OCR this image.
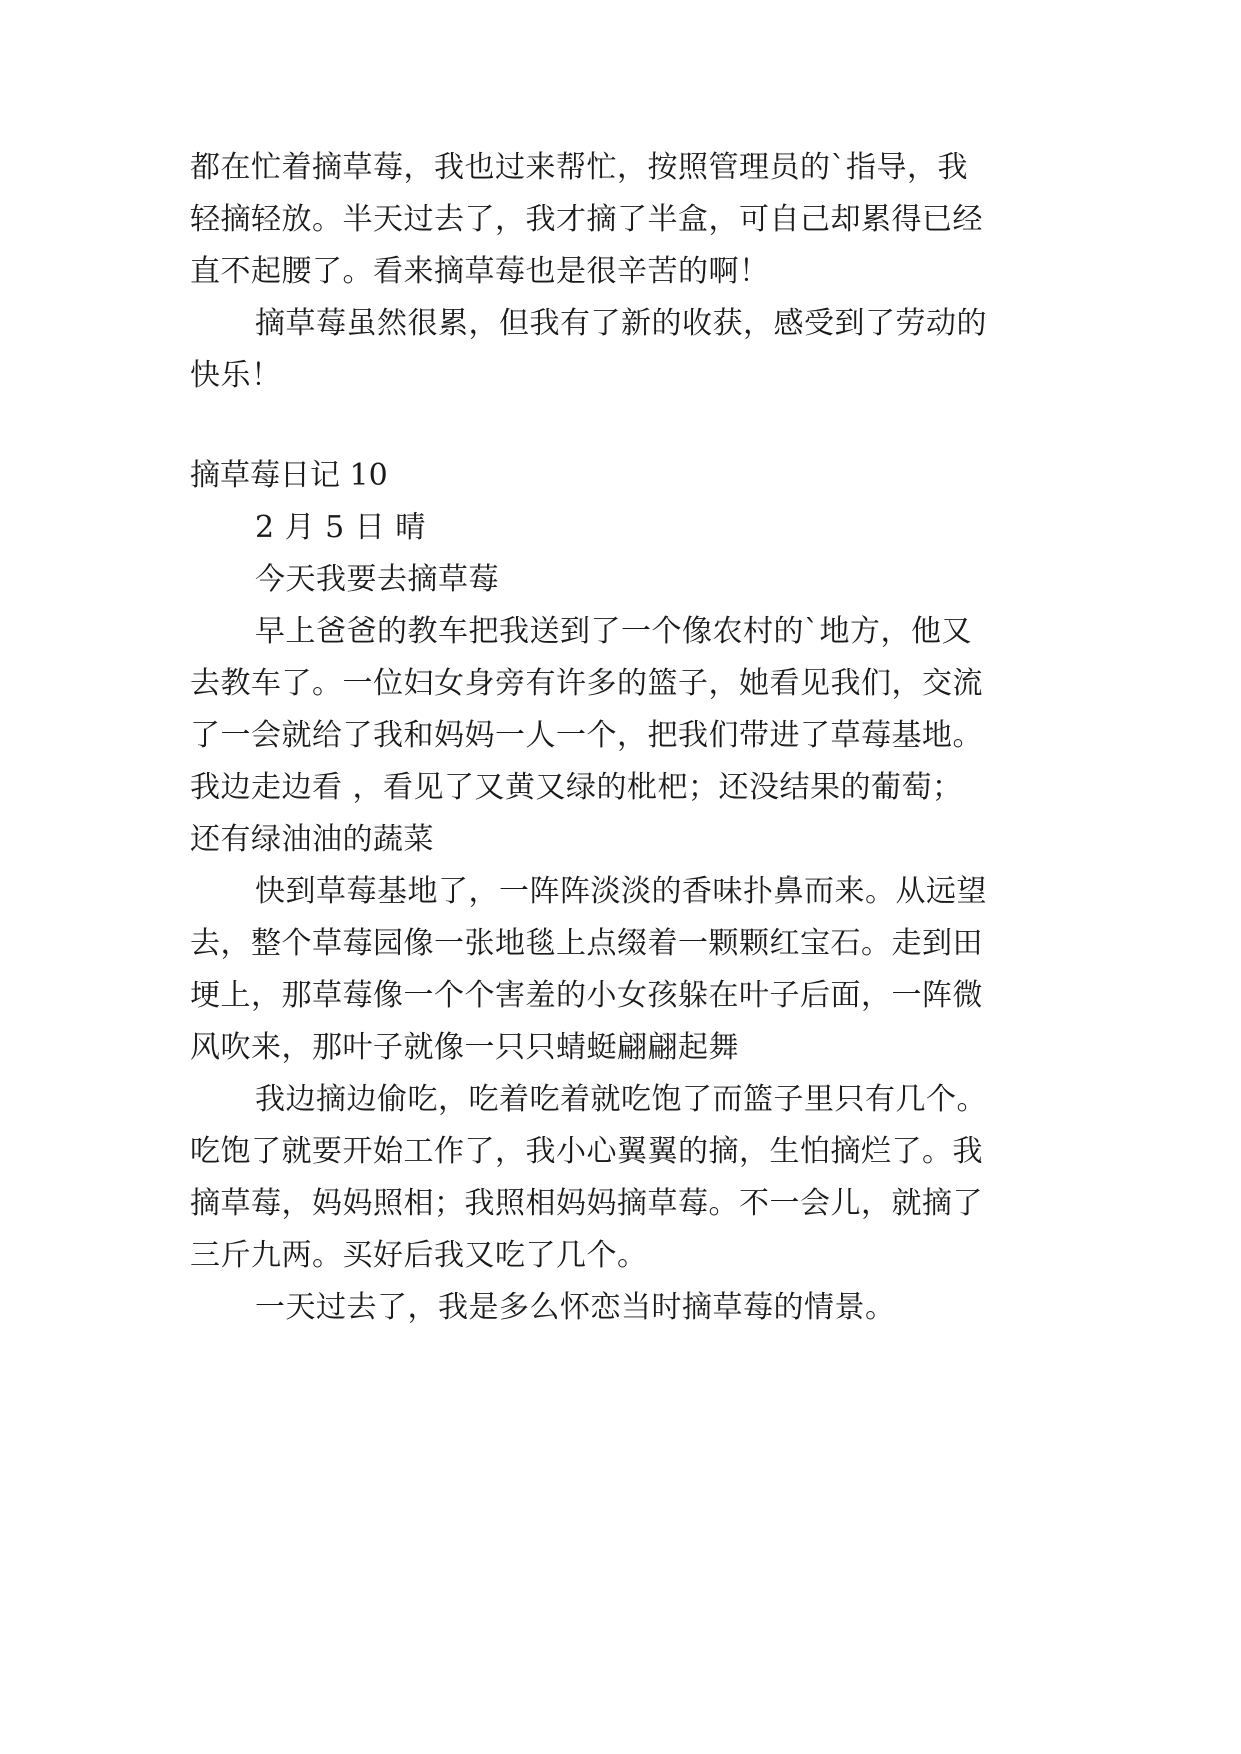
都在忙着摘草莓，我也过来帮忙，按照管理员的`指导，我
轻摘轻放。半天过去了，我才摘了半盒，可自己却累得已经
直不起腰了。看来摘草莓也是很辛苦的啊！
摘草莓虽然很累，但我有了新的收获，感受到了劳动的
快乐！
摘草莓日记 10
2 月 5 日 晴
今天我要去摘草莓
早上爸爸的教车把我送到了一个像农村的`地方，他又
去教车了。一位妇女身旁有许多的篮子，她看见我们，交流
了一会就给了我和妈妈一人一个，把我们带进了草莓基地。
我边走边看 ，看见了又黄又绿的枇杷；还没结果的葡萄；
还有绿油油的蔬菜
快到草莓基地了，一阵阵淡淡的香味扑鼻而来。从远望
去，整个草莓园像一张地毯上点缀着一颗颗红宝石。走到田
埂上，那草莓像一个个害羞的小女孩躲在叶子后面，一阵微
风吹来，那叶子就像一只只蜻蜓翩翩起舞
我边摘边偷吃，吃着吃着就吃饱了而篮子里只有几个。
吃饱了就要开始工作了，我小心翼翼的摘，生怕摘烂了。我
摘草莓，妈妈照相；我照相妈妈摘草莓。不一会儿，就摘了
三斤九两。买好后我又吃了几个。
一天过去了，我是多么怀恋当时摘草莓的情景。
